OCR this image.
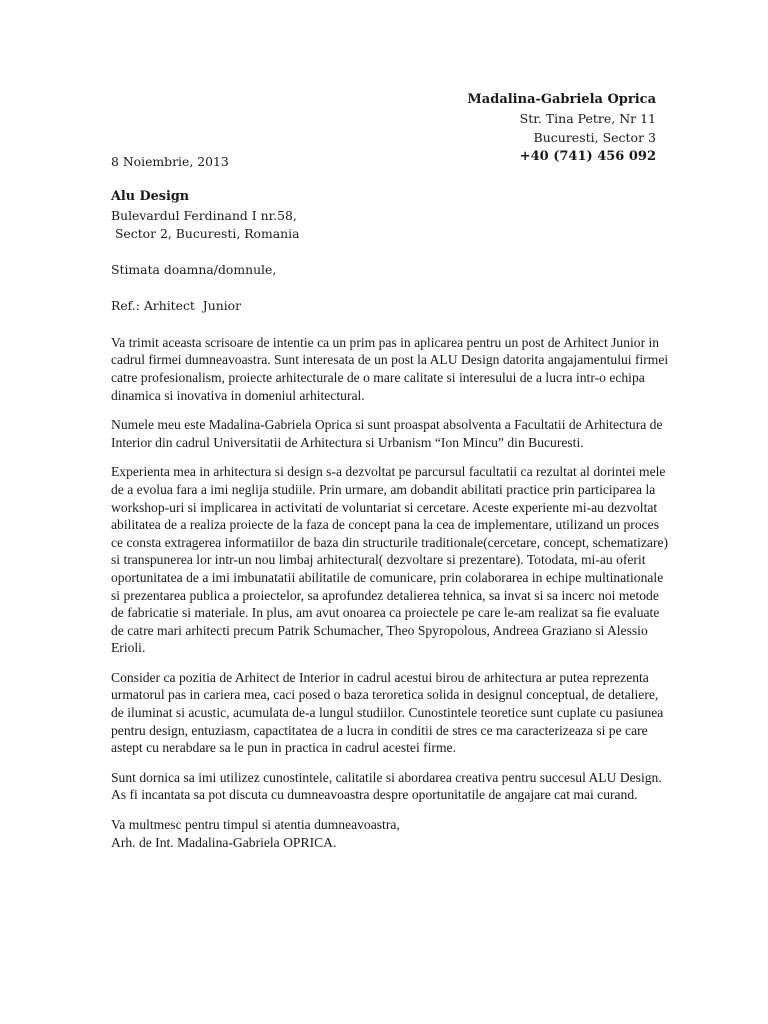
Madalina-Gabriela Oprica
Str. Tina Petre, Nr 11
Bucuresti, Sector 3
+40 (741) 456 092

8 Noiembrie, 2013

Alu Design

Bulevardul Ferdinand I nr.58,

Sector 2, Bucuresti, Romania

Stimata doamna/domnule,

Ref.: Arhitect  Junior

Va trimit aceasta scrisoare de intentie ca un prim pas in aplicarea pentru un post de Arhitect Junior in cadrul firmei dumneavoastra. Sunt interesata de un post la ALU Design datorita angajamentului firmei catre profesionalism, proiecte arhitecturale de o mare calitate si interesului de a lucra intr-o echipa dinamica si inovativa in domeniul arhitectural.

Numele meu este Madalina-Gabriela Oprica si sunt proaspat absolventa a Facultatii de Arhitectura de Interior din cadrul Universitatii de Arhitectura si Urbanism “Ion Mincu” din Bucuresti.

Experienta mea in arhitectura si design s-a dezvoltat pe parcursul facultatii ca rezultat al dorintei mele de a evolua fara a imi neglija studiile. Prin urmare, am dobandit abilitati practice prin participarea la workshop-uri si implicarea in activitati de voluntariat si cercetare. Aceste experiente mi-au dezvoltat abilitatea de a realiza proiecte de la faza de concept pana la cea de implementare, utilizand un proces ce consta extragerea informatiilor de baza din structurile traditionale(cercetare, concept, schematizare) si transpunerea lor intr-un nou limbaj arhitectural( dezvoltare si prezentare). Totodata, mi-au oferit oportunitatea de a imi imbunatatii abilitatile de comunicare, prin colaborarea in echipe multinationale si prezentarea publica a proiectelor, sa aprofundez detalierea tehnica, sa invat si sa incerc noi metode de fabricatie si materiale. In plus, am avut onoarea ca proiectele pe care le-am realizat sa fie evaluate de catre mari arhitecti precum Patrik Schumacher, Theo Spyropolous, Andreea Graziano si Alessio Erioli.

Consider ca pozitia de Arhitect de Interior in cadrul acestui birou de arhitectura ar putea reprezenta urmatorul pas in cariera mea, caci posed o baza teroretica solida in designul conceptual, de detaliere, de iluminat si acustic, acumulata de-a lungul studiilor. Cunostintele teoretice sunt cuplate cu pasiunea pentru design, entuziasm, capactitatea de a lucra in conditii de stres ce ma caracterizeaza si pe care astept cu nerabdare sa le pun in practica in cadrul acestei firme.

Sunt dornica sa imi utilizez cunostintele, calitatile si abordarea creativa pentru succesul ALU Design. As fi incantata sa pot discuta cu dumneavoastra despre oportunitatile de angajare cat mai curand.

Va multmesc pentru timpul si atentia dumneavoastra,

Arh. de Int. Madalina-Gabriela OPRICA.
